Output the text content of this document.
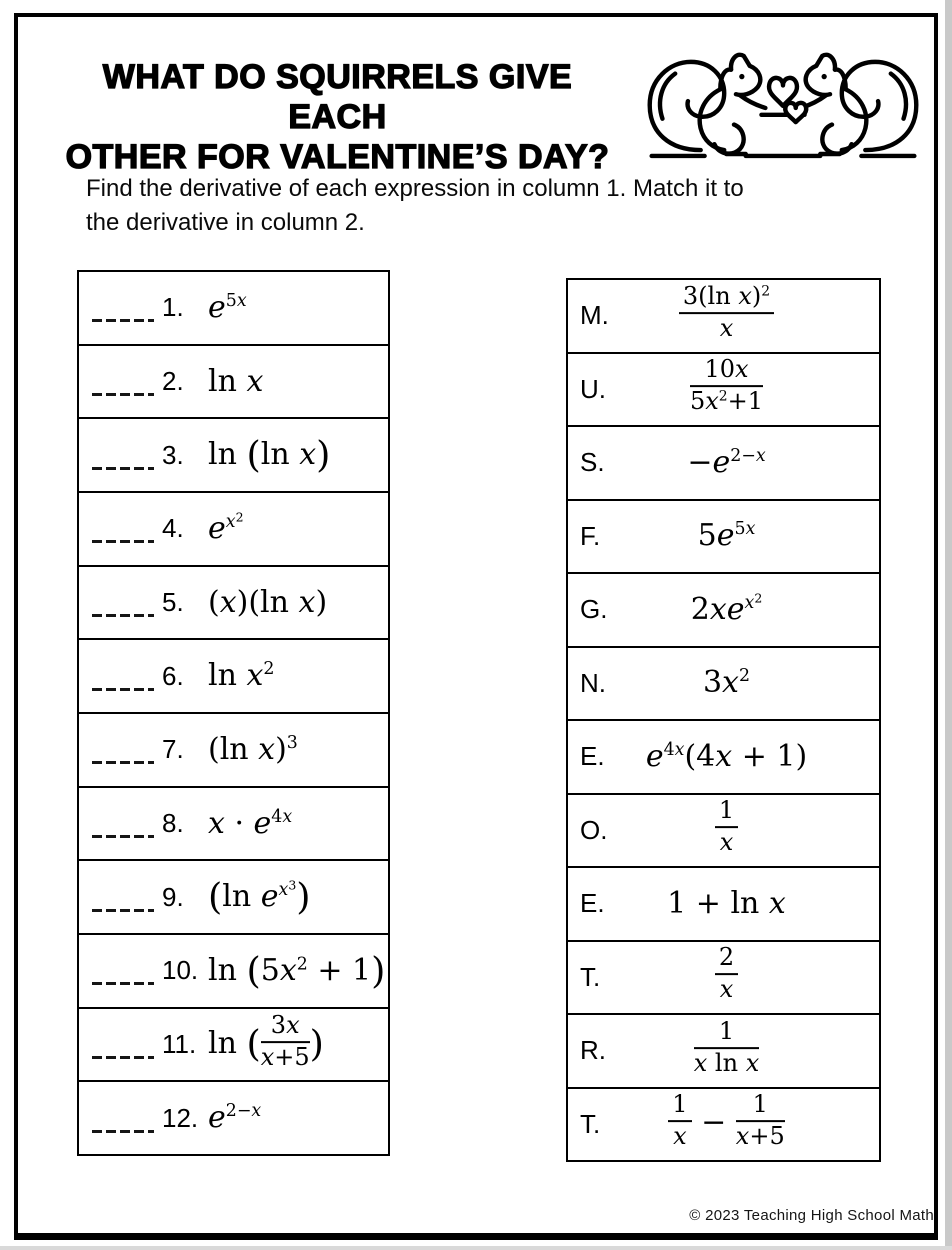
WHAT DO SQUIRRELS GIVE EACH
OTHER FOR VALENTINE’S DAY?
Find the derivative of each expression in column 1. Match it to
the derivative in column 2.
1. $e^{5x}$
2. ln x
3. ln (ln x)
4. $e^{x^2}$
5. (x)(ln x)
6. $\ln x^2$
7. (ln x)$^3$
8. $x \cdot e^{4x}$
9. (ln $e^{x^3}$)
10. $\ln (5x^2 + 1)$
11. ln ( $\frac{3x}{x+5}$ )
12. $e^{2-x}$
M.	$\frac{3(\ln x)^2}{x}$
U.	$\frac{10x}{5x^2+1}$
S.	$-e^{2-x}$
F.	$5e^{5x}$
G.	$2xe^{x^2}$
N.	$3x^2$
E.	$e^{4x}(4x + 1)$
O.	$\frac{1}{x}$
E.	1 + ln x
T.	$\frac{2}{x}$
R.	$\frac{1}{\text{x ln x}}$
T.	$\frac{1}{x} - \frac{1}{x+5}$
© 2023 Teaching High School Math
